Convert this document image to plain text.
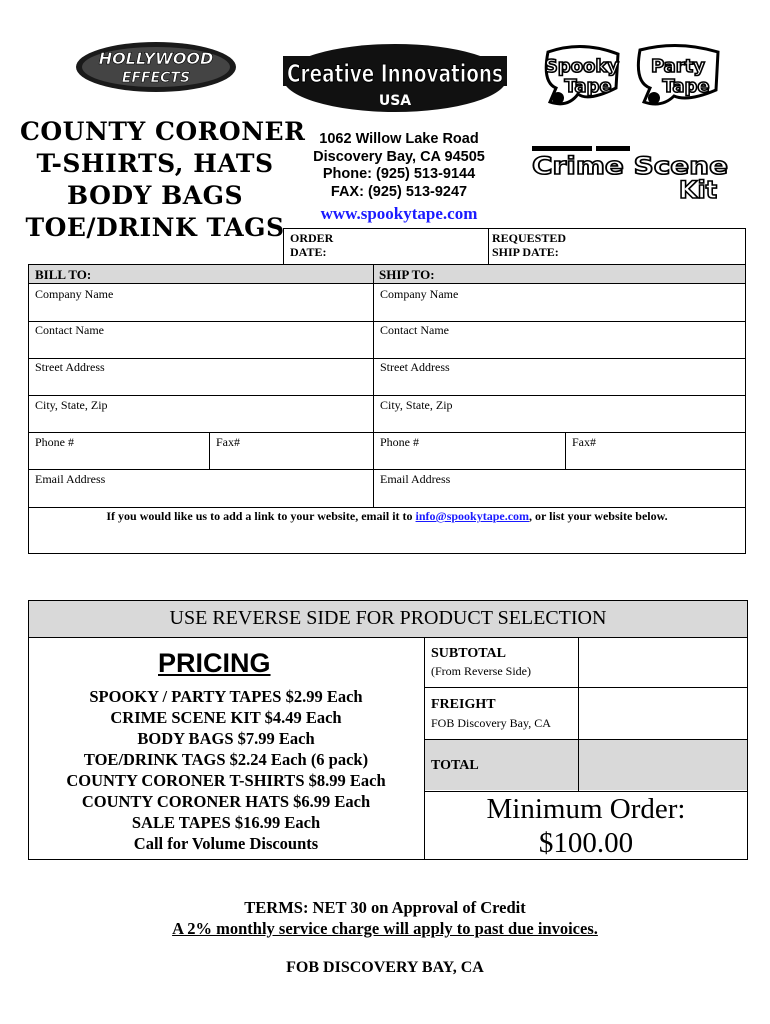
HOLLYWOOD
EFFECTS	Creative Innovations
USA
Spooky
Tape
Party
Tape
Crime Scene
Kit
COUNTY CORONER
T-SHIRTS, HATS
BODY BAGS
TOE/DRINK TAGS
1062 Willow Lake Road
Discovery Bay, CA 94505
Phone: (925) 513-9144
FAX: (925) 513-9247
www.spookytape.com
ORDER
DATE:
REQUESTED
SHIP DATE:
BILL TO:	SHIP TO:
Company Name	Company Name
Contact Name	Contact Name
Street Address	Street Address
City, State, Zip	City, State, Zip
Phone #	Fax#	Phone #	Fax#
Email Address	Email Address
If you would like us to add a link to your website, email it to info@spookytape.com, or list your website below.
USE REVERSE SIDE FOR PRODUCT SELECTION
PRICING
SPOOKY / PARTY TAPES $2.99 Each
CRIME SCENE KIT $4.49 Each
BODY BAGS $7.99 Each
TOE/DRINK TAGS $2.24 Each (6 pack)
COUNTY CORONER T-SHIRTS $8.99 Each
COUNTY CORONER HATS $6.99 Each
SALE TAPES $16.99 Each
Call for Volume Discounts
SUBTOTAL
(From Reverse Side)
FREIGHT
FOB Discovery Bay, CA
TOTAL
Minimum Order:
$100.00
TERMS: NET 30 on Approval of Credit
A 2% monthly service charge will apply to past due invoices.
FOB DISCOVERY BAY, CA
